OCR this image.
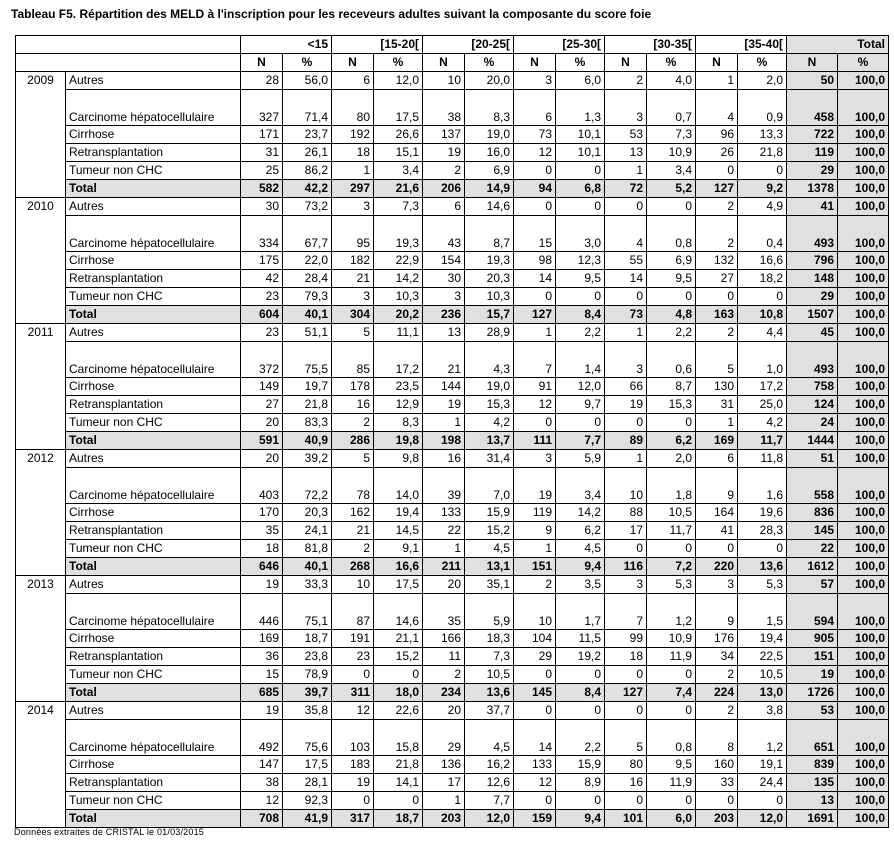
Tableau F5. Répartition des MELD à l'inscription pour les receveurs adultes suivant la composante du score foie
		<15		[15-20[		[20-25[		[25-30[		[30-35[		[35-40[		Total	
		N	%	N	%	N	%	N	%	N	%	N	%	N	%
2009	Autres	28	56,0	6	12,0	10	20,0	3	6,0	2	4,0	1	2,0	50	100,0
	Carcinome hépatocellulaire	327	71,4	80	17,5	38	8,3	6	1,3	3	0,7	4	0,9	458	100,0
	Cirrhose	171	23,7	192	26,6	137	19,0	73	10,1	53	7,3	96	13,3	722	100,0
	Retransplantation	31	26,1	18	15,1	19	16,0	12	10,1	13	10,9	26	21,8	119	100,0
	Tumeur non CHC	25	86,2	1	3,4	2	6,9	0	0	1	3,4	0	0	29	100,0
	Total	582	42,2	297	21,6	206	14,9	94	6,8	72	5,2	127	9,2	1378	100,0
2010	Autres	30	73,2	3	7,3	6	14,6	0	0	0	0	2	4,9	41	100,0
	Carcinome hépatocellulaire	334	67,7	95	19,3	43	8,7	15	3,0	4	0,8	2	0,4	493	100,0
	Cirrhose	175	22,0	182	22,9	154	19,3	98	12,3	55	6,9	132	16,6	796	100,0
	Retransplantation	42	28,4	21	14,2	30	20,3	14	9,5	14	9,5	27	18,2	148	100,0
	Tumeur non CHC	23	79,3	3	10,3	3	10,3	0	0	0	0	0	0	29	100,0
	Total	604	40,1	304	20,2	236	15,7	127	8,4	73	4,8	163	10,8	1507	100,0
2011	Autres	23	51,1	5	11,1	13	28,9	1	2,2	1	2,2	2	4,4	45	100,0
	Carcinome hépatocellulaire	372	75,5	85	17,2	21	4,3	7	1,4	3	0,6	5	1,0	493	100,0
	Cirrhose	149	19,7	178	23,5	144	19,0	91	12,0	66	8,7	130	17,2	758	100,0
	Retransplantation	27	21,8	16	12,9	19	15,3	12	9,7	19	15,3	31	25,0	124	100,0
	Tumeur non CHC	20	83,3	2	8,3	1	4,2	0	0	0	0	1	4,2	24	100,0
	Total	591	40,9	286	19,8	198	13,7	111	7,7	89	6,2	169	11,7	1444	100,0
2012	Autres	20	39,2	5	9,8	16	31,4	3	5,9	1	2,0	6	11,8	51	100,0
	Carcinome hépatocellulaire	403	72,2	78	14,0	39	7,0	19	3,4	10	1,8	9	1,6	558	100,0
	Cirrhose	170	20,3	162	19,4	133	15,9	119	14,2	88	10,5	164	19,6	836	100,0
	Retransplantation	35	24,1	21	14,5	22	15,2	9	6,2	17	11,7	41	28,3	145	100,0
	Tumeur non CHC	18	81,8	2	9,1	1	4,5	1	4,5	0	0	0	0	22	100,0
	Total	646	40,1	268	16,6	211	13,1	151	9,4	116	7,2	220	13,6	1612	100,0
2013	Autres	19	33,3	10	17,5	20	35,1	2	3,5	3	5,3	3	5,3	57	100,0
	Carcinome hépatocellulaire	446	75,1	87	14,6	35	5,9	10	1,7	7	1,2	9	1,5	594	100,0
	Cirrhose	169	18,7	191	21,1	166	18,3	104	11,5	99	10,9	176	19,4	905	100,0
	Retransplantation	36	23,8	23	15,2	11	7,3	29	19,2	18	11,9	34	22,5	151	100,0
	Tumeur non CHC	15	78,9	0	0	2	10,5	0	0	0	0	2	10,5	19	100,0
	Total	685	39,7	311	18,0	234	13,6	145	8,4	127	7,4	224	13,0	1726	100,0
2014	Autres	19	35,8	12	22,6	20	37,7	0	0	0	0	2	3,8	53	100,0
	Carcinome hépatocellulaire	492	75,6	103	15,8	29	4,5	14	2,2	5	0,8	8	1,2	651	100,0
	Cirrhose	147	17,5	183	21,8	136	16,2	133	15,9	80	9,5	160	19,1	839	100,0
	Retransplantation	38	28,1	19	14,1	17	12,6	12	8,9	16	11,9	33	24,4	135	100,0
	Tumeur non CHC	12	92,3	0	0	1	7,7	0	0	0	0	0	0	13	100,0
	Total	708	41,9	317	18,7	203	12,0	159	9,4	101	6,0	203	12,0	1691	100,0
Données extraites de CRISTAL le 01/03/2015
